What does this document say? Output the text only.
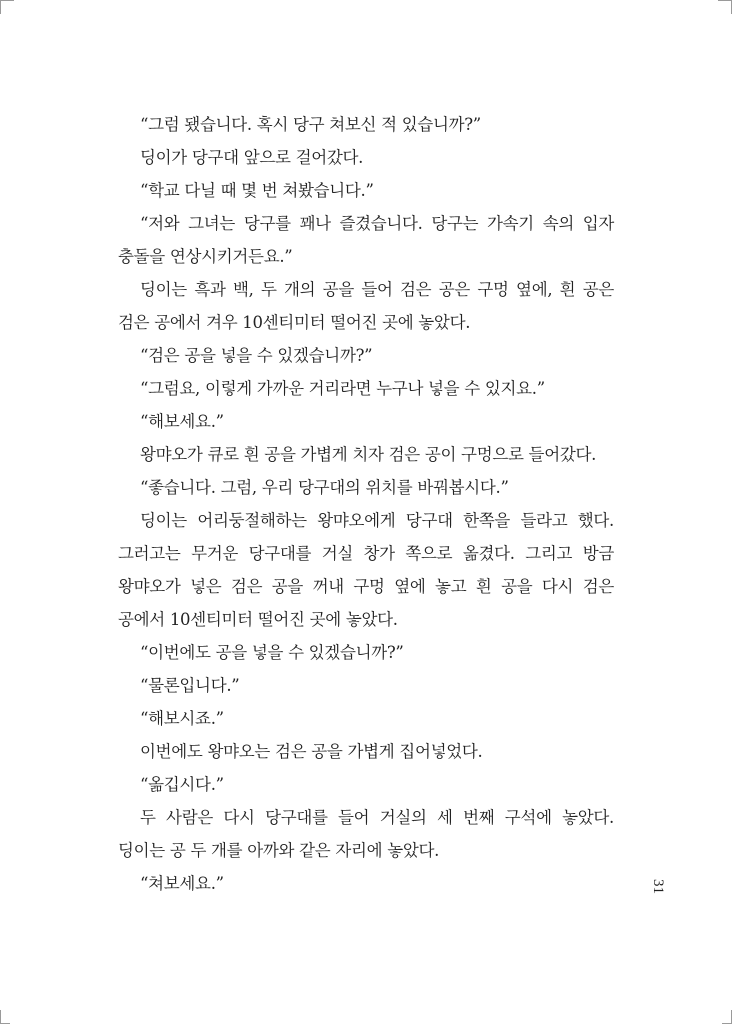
“그럼 됐습니다. 혹시 당구 쳐보신 적 있습니까?”

딩이가 당구대 앞으로 걸어갔다.

“학교 다닐 때 몇 번 쳐봤습니다.”

“저와 그녀는 당구를 꽤나 즐겼습니다. 당구는 가속기 속의 입자 충돌을 연상시키거든요.”

딩이는 흑과 백, 두 개의 공을 들어 검은 공은 구멍 옆에, 흰 공은 검은 공에서 겨우 10센티미터 떨어진 곳에 놓았다.

“검은 공을 넣을 수 있겠습니까?”

“그럼요, 이렇게 가까운 거리라면 누구나 넣을 수 있지요.”

“해보세요.”

왕먀오가 큐로 흰 공을 가볍게 치자 검은 공이 구멍으로 들어갔다.

“좋습니다. 그럼, 우리 당구대의 위치를 바꿔봅시다.”

딩이는 어리둥절해하는 왕먀오에게 당구대 한쪽을 들라고 했다. 그러고는 무거운 당구대를 거실 창가 쪽으로 옮겼다. 그리고 방금 왕먀오가 넣은 검은 공을 꺼내 구멍 옆에 놓고 흰 공을 다시 검은 공에서 10센티미터 떨어진 곳에 놓았다.

“이번에도 공을 넣을 수 있겠습니까?”

“물론입니다.”

“해보시죠.”

이번에도 왕먀오는 검은 공을 가볍게 집어넣었다.

“옮깁시다.”

두 사람은 다시 당구대를 들어 거실의 세 번째 구석에 놓았다. 딩이는 공 두 개를 아까와 같은 자리에 놓았다.

“쳐보세요.”	31
